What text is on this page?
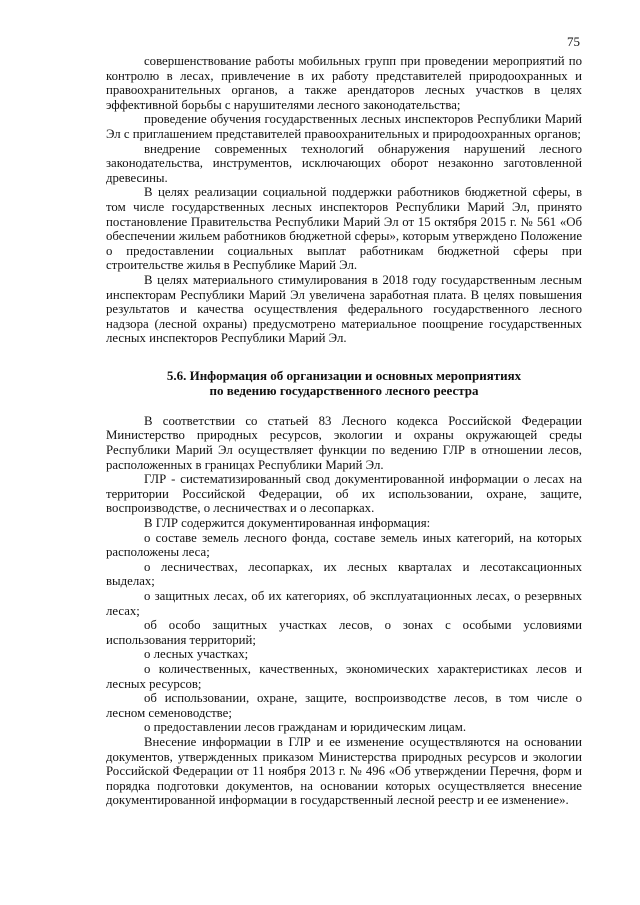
75

совершенствование работы мобильных групп при проведении мероприятий по контролю в лесах, привлечение в их работу представителей природоохранных и правоохранительных органов, а также арендаторов лесных участков в целях эффективной борьбы с нарушителями лесного законодательства;

проведение обучения государственных лесных инспекторов Республики Марий Эл с приглашением представителей правоохранительных и природоохранных органов;

внедрение современных технологий обнаружения нарушений лесного законодательства, инструментов, исключающих оборот незаконно заготовленной древесины.

В целях реализации социальной поддержки работников бюджетной сферы, в том числе государственных лесных инспекторов Республики Марий Эл, принято постановление Правительства Республики Марий Эл от 15 октября 2015 г. № 561 «Об обеспечении жильем работников бюджетной сферы», которым утверждено Положение о предоставлении социальных выплат работникам бюджетной сферы при строительстве жилья в Республике Марий Эл.

В целях материального стимулирования в 2018 году государственным лесным инспекторам Республики Марий Эл увеличена заработная плата. В целях повышения результатов и качества осуществления федерального государственного лесного надзора (лесной охраны) предусмотрено материальное поощрение государственных лесных инспекторов Республики Марий Эл.

5.6. Информация об организации и основных мероприятиях
по ведению государственного лесного реестра

В соответствии со статьей 83 Лесного кодекса Российской Федерации Министерство природных ресурсов, экологии и охраны окружающей среды Республики Марий Эл осуществляет функции по ведению ГЛР в отношении лесов, расположенных в границах Республики Марий Эл.

ГЛР - систематизированный свод документированной информации о лесах на территории Российской Федерации, об их использовании, охране, защите, воспроизводстве, о лесничествах и о лесопарках.

В ГЛР содержится документированная информация:

о составе земель лесного фонда, составе земель иных категорий, на которых расположены леса;

о лесничествах, лесопарках, их лесных кварталах и лесотаксационных выделах;

о защитных лесах, об их категориях, об эксплуатационных лесах, о резервных лесах;

об особо защитных участках лесов, о зонах с особыми условиями использования территорий;

о лесных участках;

о количественных, качественных, экономических характеристиках лесов и лесных ресурсов;

об использовании, охране, защите, воспроизводстве лесов, в том числе о лесном семеноводстве;

о предоставлении лесов гражданам и юридическим лицам.

Внесение информации в ГЛР и ее изменение осуществляются на основании документов, утвержденных приказом Министерства природных ресурсов и экологии Российской Федерации от 11 ноября 2013 г. № 496 «Об утверждении Перечня, форм и порядка подготовки документов, на основании которых осуществляется внесение документированной информации в государственный лесной реестр и ее изменение».
